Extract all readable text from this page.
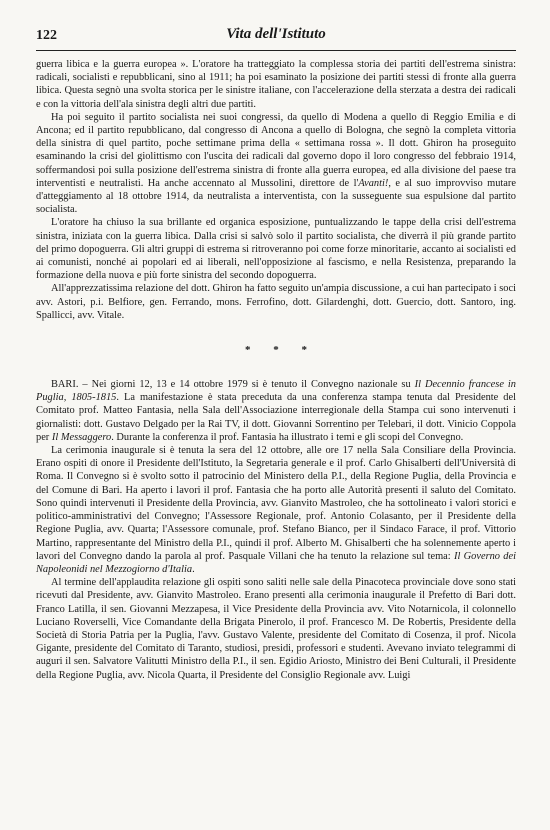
122	Vita dell'Istituto

guerra libica e la guerra europea ». L'oratore ha tratteggiato la complessa storia dei partiti dell'estrema sinistra: radicali, socialisti e repubblicani, sino al 1911; ha poi esaminato la posizione dei partiti stessi di fronte alla guerra libica. Questa segnò una svolta storica per le sinistre italiane, con l'accelerazione della sterzata a destra dei radicali e con la vittoria dell'ala sinistra degli altri due partiti.

Ha poi seguito il partito socialista nei suoi congressi, da quello di Modena a quello di Reggio Emilia e di Ancona; ed il partito repubblicano, dal congresso di Ancona a quello di Bologna, che segnò la completa vittoria della sinistra di quel partito, poche settimane prima della « settimana rossa ». Il dott. Ghiron ha proseguito esaminando la crisi del giolittismo con l'uscita dei radicali dal governo dopo il loro congresso del febbraio 1914, soffermandosi poi sulla posizione dell'estrema sinistra di fronte alla guerra europea, ed alla divisione del paese tra interventisti e neutralisti. Ha anche accennato al Mussolini, direttore de l'Avanti!, e al suo improvviso mutare d'atteggiamento al 18 ottobre 1914, da neutralista a interventista, con la susseguente sua espulsione dal partito socialista.

L'oratore ha chiuso la sua brillante ed organica esposizione, puntualizzando le tappe della crisi dell'estrema sinistra, iniziata con la guerra libica. Dalla crisi si salvò solo il partito socialista, che diverrà il più grande partito del primo dopoguerra. Gli altri gruppi di estrema si ritroveranno poi come forze minoritarie, accanto ai socialisti ed ai comunisti, nonché ai popolari ed ai liberali, nell'opposizione al fascismo, e nella Resistenza, preparando la formazione della nuova e più forte sinistra del secondo dopoguerra.

All'apprezzatissima relazione del dott. Ghiron ha fatto seguito un'ampia discussione, a cui han partecipato i soci avv. Astori, p.i. Belfiore, gen. Ferrando, mons. Ferrofino, dott. Gilardenghi, dott. Guercio, dott. Santoro, ing. Spallicci, avv. Vitale.

* * *

BARI. – Nei giorni 12, 13 e 14 ottobre 1979 si è tenuto il Convegno nazionale su Il Decennio francese in Puglia, 1805-1815. La manifestazione è stata preceduta da una conferenza stampa tenuta dal Presidente del Comitato prof. Matteo Fantasia, nella Sala dell'Associazione interregionale della Stampa cui sono intervenuti i giornalisti: dott. Gustavo Delgado per la Rai TV, il dott. Giovanni Sorrentino per Telebari, il dott. Vinicio Coppola per Il Messaggero. Durante la conferenza il prof. Fantasia ha illustrato i temi e gli scopi del Convegno.

La cerimonia inaugurale si è tenuta la sera del 12 ottobre, alle ore 17 nella Sala Consiliare della Provincia. Erano ospiti di onore il Presidente dell'Istituto, la Segretaria generale e il prof. Carlo Ghisalberti dell'Università di Roma. Il Convegno si è svolto sotto il patrocinio del Ministero della P.I., della Regione Puglia, della Provincia e del Comune di Bari. Ha aperto i lavori il prof. Fantasia che ha porto alle Autorità presenti il saluto del Comitato. Sono quindi intervenuti il Presidente della Provincia, avv. Gianvito Mastroleo, che ha sottolineato i valori storici e politico-amministrativi del Convegno; l'Assessore Regionale, prof. Antonio Colasanto, per il Presidente della Regione Puglia, avv. Quarta; l'Assessore comunale, prof. Stefano Bianco, per il Sindaco Farace, il prof. Vittorio Martino, rappresentante del Ministro della P.I., quindi il prof. Alberto M. Ghisalberti che ha solennemente aperto i lavori del Convegno dando la parola al prof. Pasquale Villani che ha tenuto la relazione sul tema: Il Governo dei Napoleonidi nel Mezzogiorno d'Italia.

Al termine dell'applaudita relazione gli ospiti sono saliti nelle sale della Pinacoteca provinciale dove sono stati ricevuti dal Presidente, avv. Gianvito Mastroleo. Erano presenti alla cerimonia inaugurale il Prefetto di Bari dott. Franco Latilla, il sen. Giovanni Mezzapesa, il Vice Presidente della Provincia avv. Vito Notarnicola, il colonnello Luciano Roverselli, Vice Comandante della Brigata Pinerolo, il prof. Francesco M. De Robertis, Presidente della Società di Storia Patria per la Puglia, l'avv. Gustavo Valente, presidente del Comitato di Cosenza, il prof. Nicola Gigante, presidente del Comitato di Taranto, studiosi, presidi, professori e studenti. Avevano inviato telegrammi di auguri il sen. Salvatore Valitutti Ministro della P.I., il sen. Egidio Ariosto, Ministro dei Beni Culturali, il Presidente della Regione Puglia, avv. Nicola Quarta, il Presidente del Consiglio Regionale avv. Luigi
